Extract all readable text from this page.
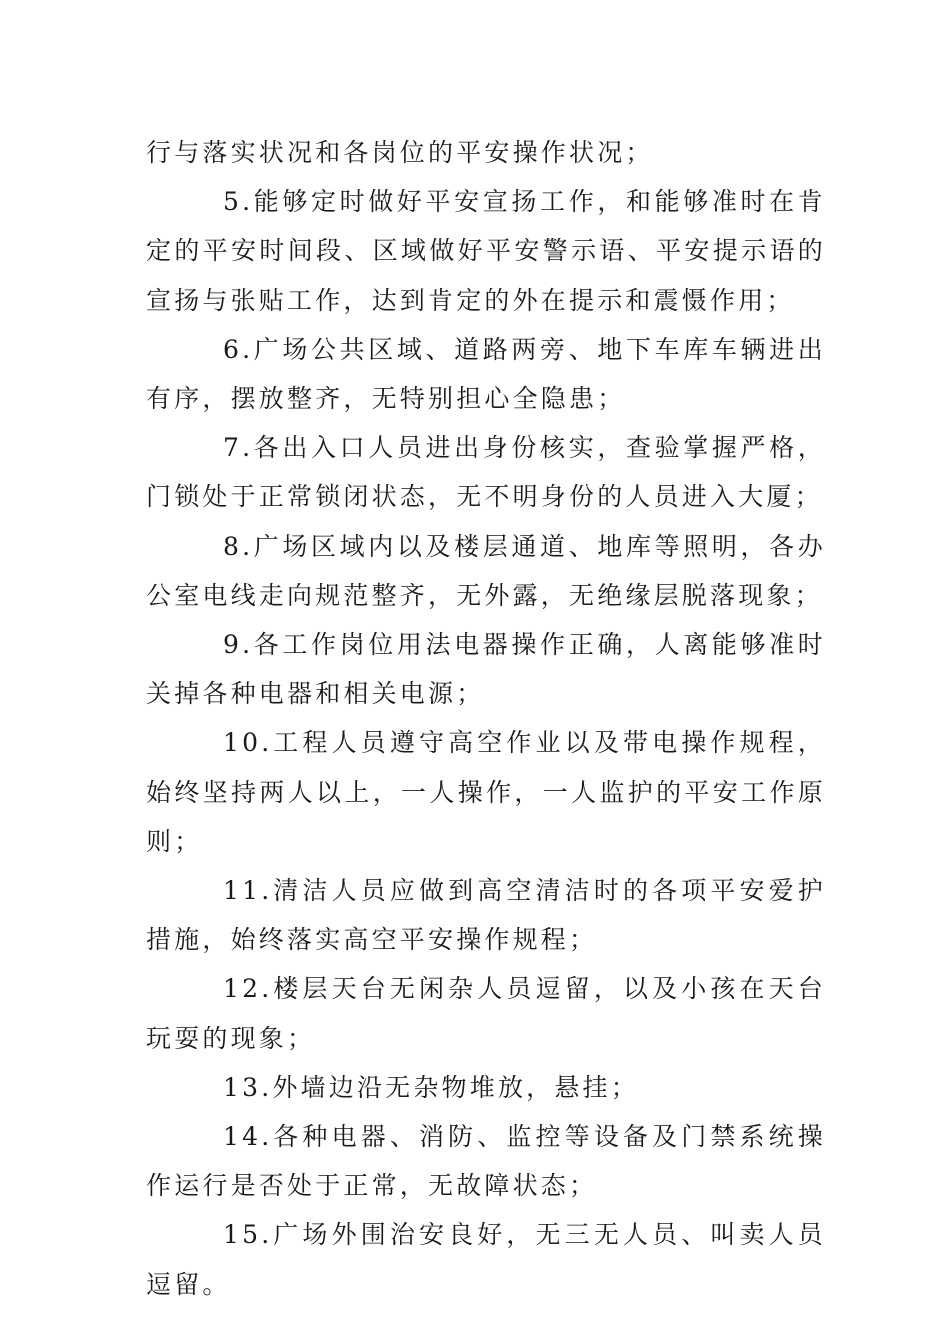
行与落实状况和各岗位的平安操作状况；

5.能够定时做好平安宣扬工作，和能够准时在肯定的平安时间段、区域做好平安警示语、平安提示语的宣扬与张贴工作，达到肯定的外在提示和震慑作用；

6.广场公共区域、道路两旁、地下车库车辆进出有序，摆放整齐，无特别担心全隐患；

7.各出入口人员进出身份核实，查验掌握严格，门锁处于正常锁闭状态，无不明身份的人员进入大厦；

8.广场区域内以及楼层通道、地库等照明，各办公室电线走向规范整齐，无外露，无绝缘层脱落现象；

9.各工作岗位用法电器操作正确，人离能够准时关掉各种电器和相关电源；

10.工程人员遵守高空作业以及带电操作规程，始终坚持两人以上，一人操作，一人监护的平安工作原则；

11.清洁人员应做到高空清洁时的各项平安爱护措施，始终落实高空平安操作规程；

12.楼层天台无闲杂人员逗留，以及小孩在天台玩耍的现象；

13.外墙边沿无杂物堆放，悬挂；

14.各种电器、消防、监控等设备及门禁系统操作运行是否处于正常，无故障状态；

15.广场外围治安良好，无三无人员、叫卖人员逗留。
